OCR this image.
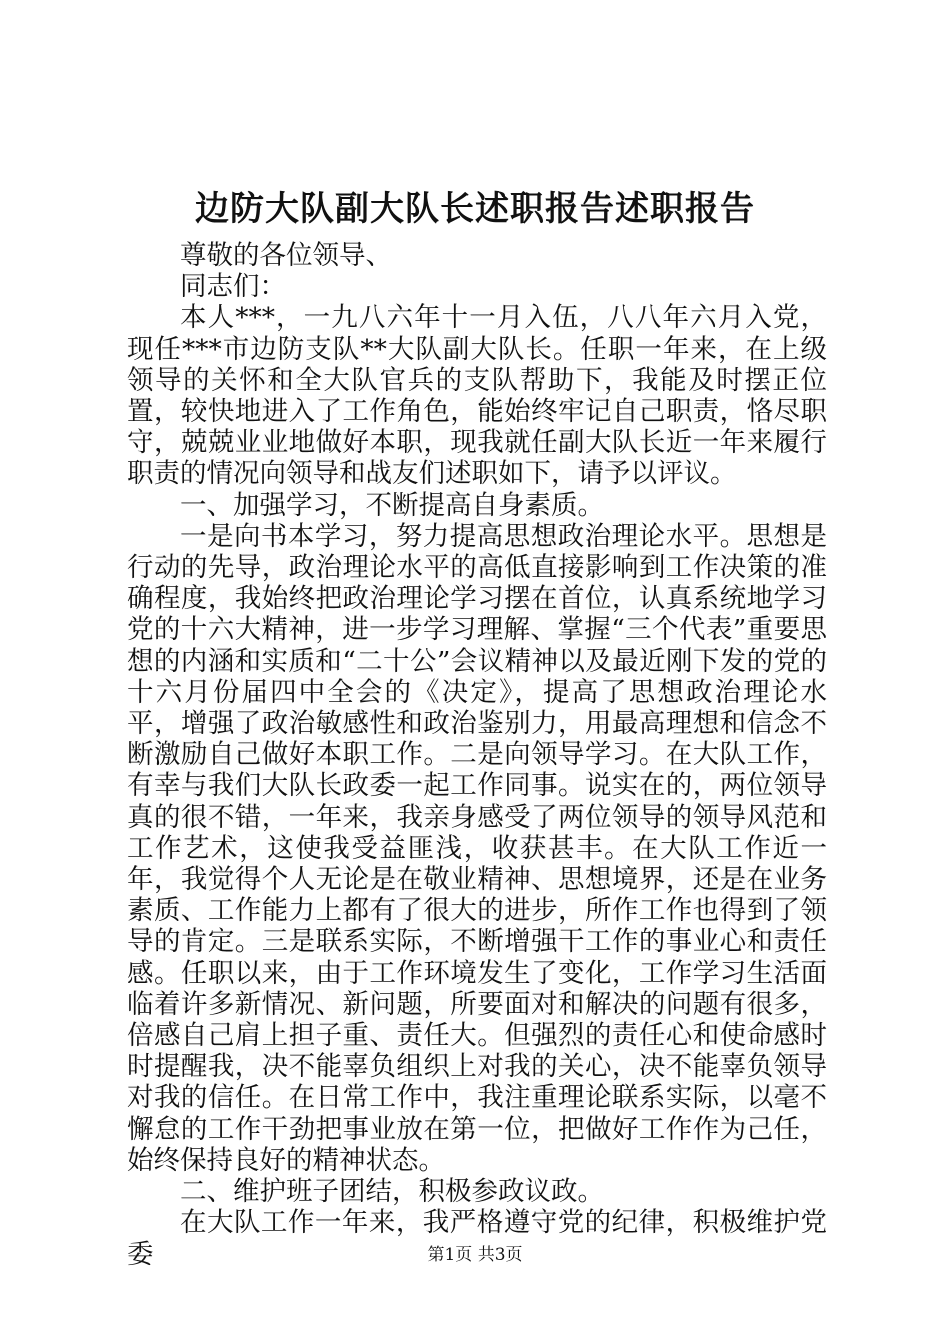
边防大队副大队长述职报告述职报告

尊敬的各位领导、

同志们：

本人***，一九八六年十一月入伍，八八年六月入党，现任***市边防支队**大队副大队长。任职一年来，在上级领导的关怀和全大队官兵的支队帮助下，我能及时摆正位置，较快地进入了工作角色，能始终牢记自己职责，恪尽职守，兢兢业业地做好本职，现我就任副大队长近一年来履行职责的情况向领导和战友们述职如下，请予以评议。

一、加强学习，不断提高自身素质。

一是向书本学习，努力提高思想政治理论水平。思想是行动的先导，政治理论水平的高低直接影响到工作决策的准确程度，我始终把政治理论学习摆在首位，认真系统地学习党的十六大精神，进一步学习理解、掌握“三个代表”重要思想的内涵和实质和“二十公”会议精神以及最近刚下发的党的十六月份届四中全会的《决定》，提高了思想政治理论水平，增强了政治敏感性和政治鉴别力，用最高理想和信念不断激励自己做好本职工作。二是向领导学习。在大队工作，有幸与我们大队长政委一起工作同事。说实在的，两位领导真的很不错，一年来，我亲身感受了两位领导的领导风范和工作艺术，这使我受益匪浅，收获甚丰。在大队工作近一年，我觉得个人无论是在敬业精神、思想境界，还是在业务素质、工作能力上都有了很大的进步，所作工作也得到了领导的肯定。三是联系实际，不断增强干工作的事业心和责任感。任职以来，由于工作环境发生了变化，工作学习生活面临着许多新情况、新问题，所要面对和解决的问题有很多，倍感自己肩上担子重、责任大。但强烈的责任心和使命感时时提醒我，决不能辜负组织上对我的关心，决不能辜负领导对我的信任。在日常工作中，我注重理论联系实际，以毫不懈怠的工作干劲把事业放在第一位，把做好工作作为己任，始终保持良好的精神状态。

二、维护班子团结，积极参政议政。

在大队工作一年来，我严格遵守党的纪律，积极维护党委	第1页 共3页
